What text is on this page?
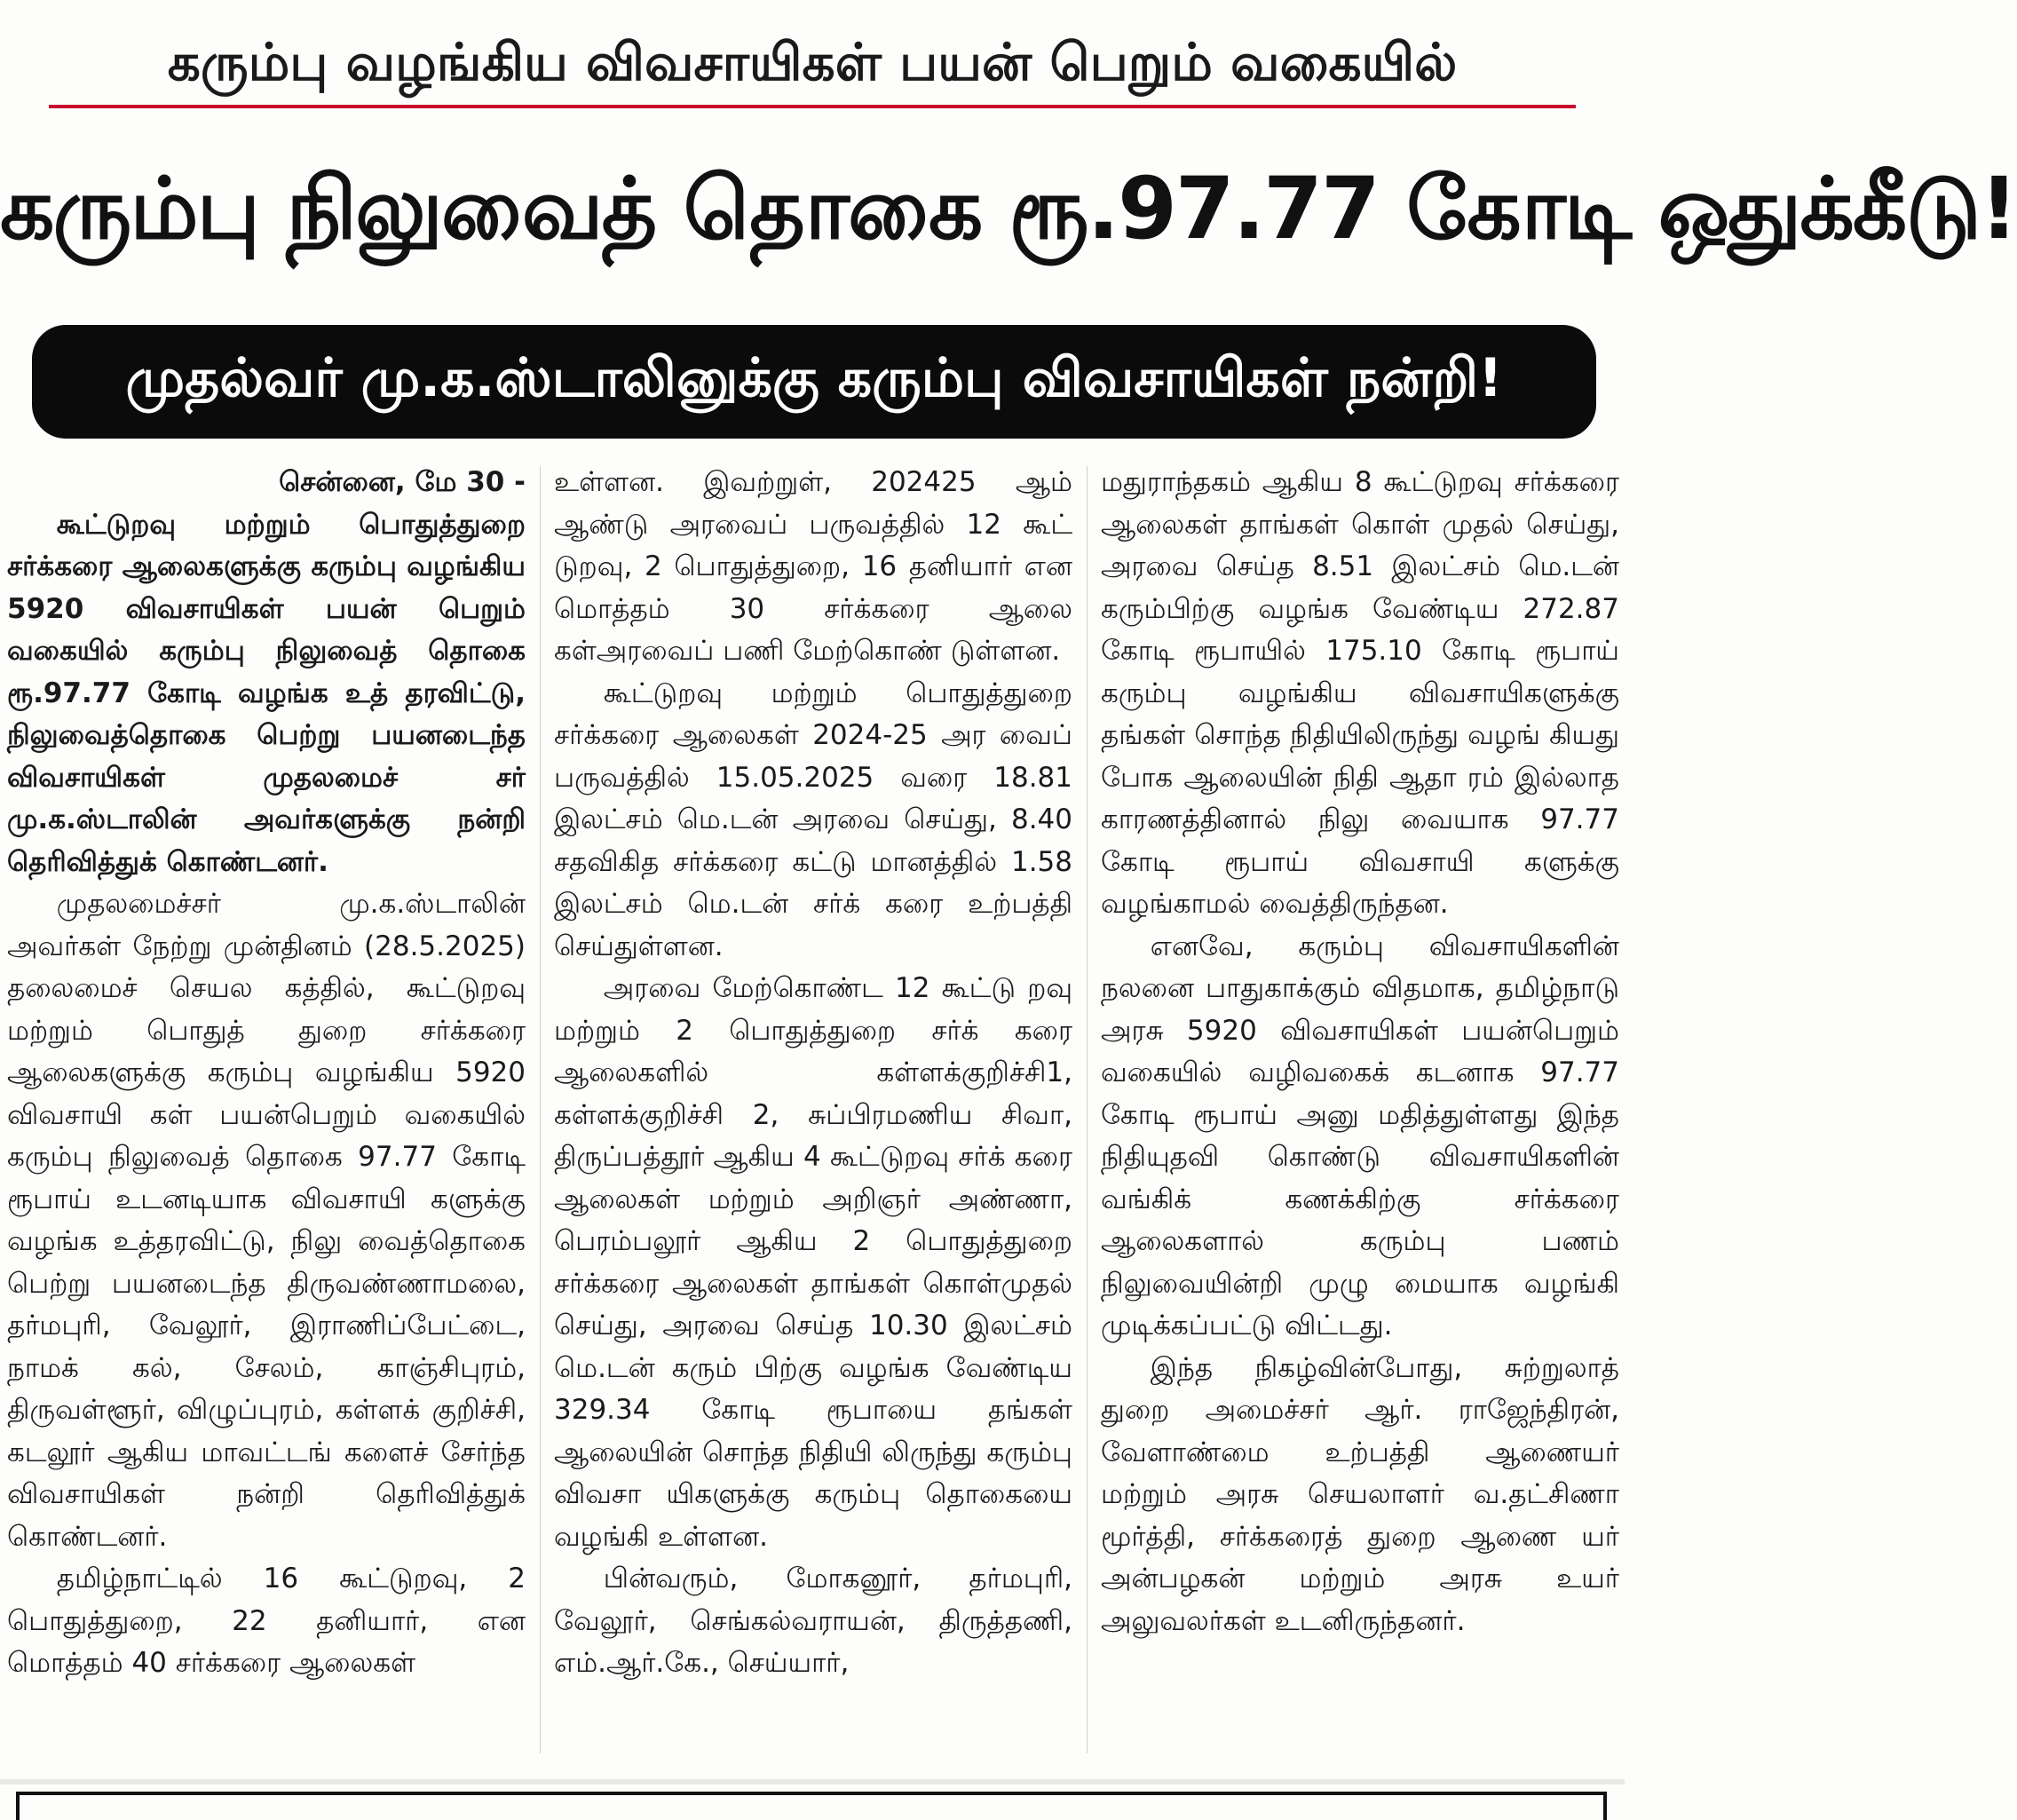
கரும்பு வழங்கிய விவசாயிகள் பயன் பெறும் வகையில்
கரும்பு நிலுவைத் தொகை ரூ.97.77 கோடி ஒதுக்கீடு!
முதல்வர் மு.க.ஸ்டாலினுக்கு கரும்பு விவசாயிகள் நன்றி!

சென்னை, மே 30 -

கூட்டுறவு மற்றும் பொதுத்துறை சர்க்கரை ஆலைகளுக்கு கரும்பு வழங்கிய 5920 விவசாயிகள் பயன் பெறும் வகையில் கரும்பு நிலுவைத் தொகை ரூ.97.77 கோடி வழங்க உத் தரவிட்டு, நிலுவைத்தொகை பெற்று பயனடைந்த விவசாயிகள் முதலமைச் சர் மு.க.ஸ்டாலின் அவர்களுக்கு நன்றி தெரிவித்துக் கொண்டனர்.

முதலமைச்சர் மு.க.ஸ்டாலின் அவர்கள் நேற்று முன்தினம் (28.5.2025) தலைமைச் செயல கத்தில், கூட்டுறவு மற்றும் பொதுத் துறை சர்க்கரை ஆலைகளுக்கு கரும்பு வழங்கிய 5920 விவசாயி கள் பயன்பெறும் வகையில் கரும்பு நிலுவைத் தொகை 97.77 கோடி ரூபாய் உடனடியாக விவசாயி களுக்கு வழங்க உத்தரவிட்டு, நிலு வைத்தொகை பெற்று பயனடைந்த திருவண்ணாமலை, தர்மபுரி, வேலூர், இராணிப்பேட்டை, நாமக் கல், சேலம், காஞ்சிபுரம், திருவள்ளூர், விழுப்புரம், கள்ளக் குறிச்சி, கடலூர் ஆகிய மாவட்டங் களைச் சேர்ந்த விவசாயிகள் நன்றி தெரிவித்துக் கொண்டனர்.

தமிழ்நாட்டில் 16 கூட்டுறவு, 2 பொதுத்துறை, 22 தனியார், என மொத்தம் 40 சர்க்கரை ஆலைகள்

உள்ளன. இவற்றுள், 202425 ஆம் ஆண்டு அரவைப் பருவத்தில் 12 கூட் டுறவு, 2 பொதுத்துறை, 16 தனியார் என மொத்தம் 30 சர்க்கரை ஆலை கள்அரவைப் பணி மேற்கொண் டுள்ளன.

கூட்டுறவு மற்றும் பொதுத்துறை சர்க்கரை ஆலைகள் 2024-25 அர வைப் பருவத்தில் 15.05.2025 வரை 18.81 இலட்சம் மெ.டன் அரவை செய்து, 8.40 சதவிகித சர்க்கரை கட்டு மானத்தில் 1.58 இலட்சம் மெ.டன் சர்க் கரை உற்பத்தி செய்துள்ளன.

அரவை மேற்கொண்ட 12 கூட்டு றவு மற்றும் 2 பொதுத்துறை சர்க் கரை ஆலைகளில் கள்ளக்குறிச்சி1, கள்ளக்குறிச்சி 2, சுப்பிரமணிய சிவா, திருப்பத்தூர் ஆகிய 4 கூட்டுறவு சர்க் கரை ஆலைகள் மற்றும் அறிஞர் அண்ணா, பெரம்பலூர் ஆகிய 2 பொதுத்துறை சர்க்கரை ஆலைகள் தாங்கள் கொள்முதல் செய்து, அரவை செய்த 10.30 இலட்சம் மெ.டன் கரும் பிற்கு வழங்க வேண்டிய 329.34 கோடி ரூபாயை தங்கள் ஆலையின் சொந்த நிதியி லிருந்து கரும்பு விவசா யிகளுக்கு கரும்பு தொகையை வழங்கி உள்ளன.

பின்வரும், மோகனூர், தர்மபுரி, வேலூர், செங்கல்வராயன், திருத்தணி, எம்.ஆர்.கே., செய்யார்,

மதுராந்தகம் ஆகிய 8 கூட்டுறவு சர்க்கரை ஆலைகள் தாங்கள் கொள் முதல் செய்து, அரவை செய்த 8.51 இலட்சம் மெ.டன் கரும்பிற்கு வழங்க வேண்டிய 272.87 கோடி ரூபாயில் 175.10 கோடி ரூபாய் கரும்பு வழங்கிய விவசாயிகளுக்கு தங்கள் சொந்த நிதியிலிருந்து வழங் கியது போக ஆலையின் நிதி ஆதா ரம் இல்லாத காரணத்தினால் நிலு வையாக 97.77 கோடி ரூபாய் விவசாயி களுக்கு வழங்காமல் வைத்திருந்தன.

எனவே, கரும்பு விவசாயிகளின் நலனை பாதுகாக்கும் விதமாக, தமிழ்நாடு அரசு 5920 விவசாயிகள் பயன்பெறும் வகையில் வழிவகைக் கடனாக 97.77 கோடி ரூபாய் அனு மதித்துள்ளது இந்த நிதியுதவி கொண்டு விவசாயிகளின் வங்கிக் கணக்கிற்கு சர்க்கரை ஆலைகளால் கரும்பு பணம் நிலுவையின்றி முழு மையாக வழங்கி முடிக்கப்பட்டு விட்டது.

இந்த நிகழ்வின்போது, சுற்றுலாத் துறை அமைச்சர் ஆர். ராஜேந்திரன், வேளாண்மை உற்பத்தி ஆணையர் மற்றும் அரசு செயலாளர் வ.தட்சிணா மூர்த்தி, சர்க்கரைத் துறை ஆணை யர் அன்பழகன் மற்றும் அரசு உயர் அலுவலர்கள் உடனிருந்தனர்.
